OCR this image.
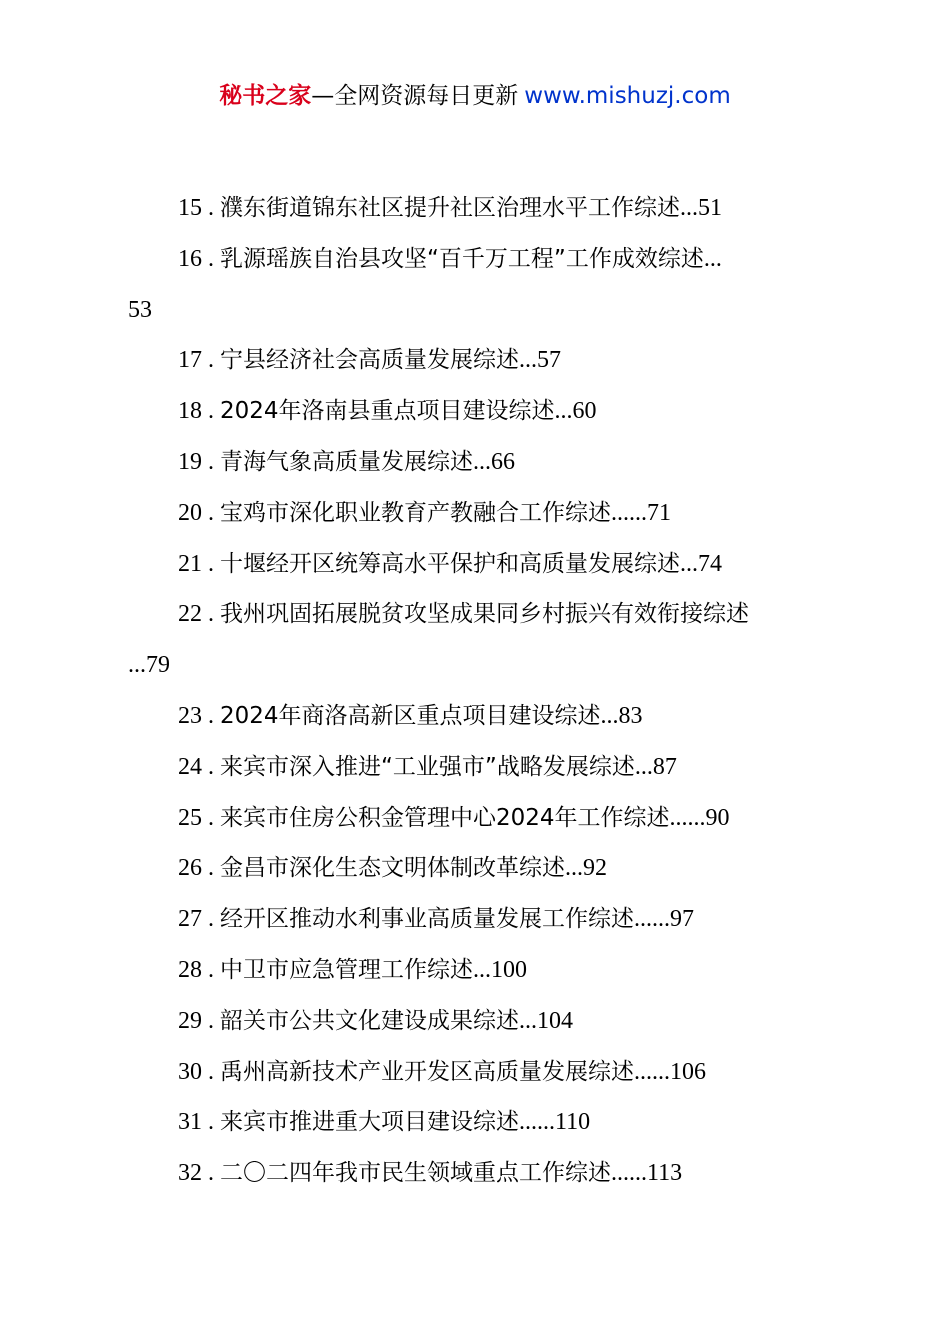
秘书之家—全网资源每日更新 www.mishuzj.com
15 . 濮东街道锦东社区提升社区治理水平工作综述...51
16 . 乳源瑶族自治县攻坚“百千万工程”工作成效综述...
53
17 . 宁县经济社会高质量发展综述...57
18 . 2024年洛南县重点项目建设综述...60
19 . 青海气象高质量发展综述...66
20 . 宝鸡市深化职业教育产教融合工作综述......71
21 . 十堰经开区统筹高水平保护和高质量发展综述...74
22 . 我州巩固拓展脱贫攻坚成果同乡村振兴有效衔接综述
...79
23 . 2024年商洛高新区重点项目建设综述...83
24 . 来宾市深入推进“工业强市”战略发展综述...87
25 . 来宾市住房公积金管理中心2024年工作综述......90
26 . 金昌市深化生态文明体制改革综述...92
27 . 经开区推动水利事业高质量发展工作综述......97
28 . 中卫市应急管理工作综述...100
29 . 韶关市公共文化建设成果综述...104
30 . 禹州高新技术产业开发区高质量发展综述......106
31 . 来宾市推进重大项目建设综述......110
32 . 二〇二四年我市民生领域重点工作综述......113
